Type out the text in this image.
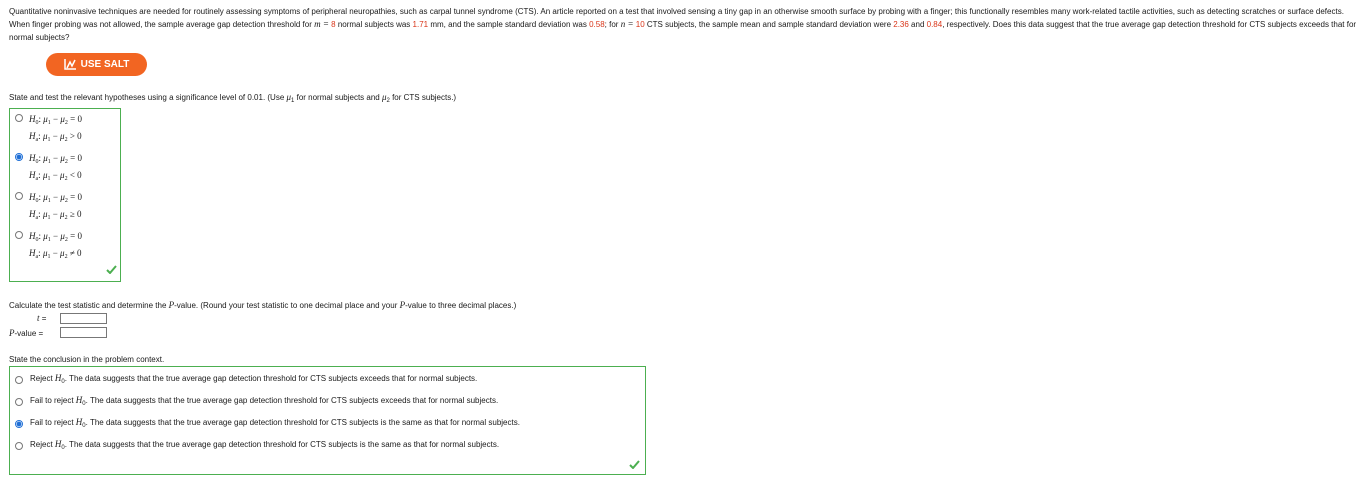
Quantitative noninvasive techniques are needed for routinely assessing symptoms of peripheral neuropathies, such as carpal tunnel syndrome (CTS). An article reported on a test that involved sensing a tiny gap in an otherwise smooth surface by probing with a finger; this functionally resembles many work-related tactile activities, such as detecting scratches or surface defects. When finger probing was not allowed, the sample average gap detection threshold for m = 8 normal subjects was 1.71 mm, and the sample standard deviation was 0.58; for n = 10 CTS subjects, the sample mean and sample standard deviation were 2.36 and 0.84, respectively. Does this data suggest that the true average gap detection threshold for CTS subjects exceeds that for normal subjects?
USE SALT
State and test the relevant hypotheses using a significance level of 0.01. (Use $\mu_1$ for normal subjects and $\mu_2$ for CTS subjects.)
$H_0$: $\mu_1 - \mu_2 = 0$
$H_a$: $\mu_1 - \mu_2 > 0$
$H_0$: $\mu_1 - \mu_2 = 0$
$H_a$: $\mu_1 - \mu_2 < 0$
$H_0$: $\mu_1 - \mu_2 = 0$
$H_a$: $\mu_1 - \mu_2 \ge 0$
$H_0$: $\mu_1 - \mu_2 = 0$
$H_a$: $\mu_1 - \mu_2 \ne 0$
Calculate the test statistic and determine the P-value. (Round your test statistic to one decimal place and your P-value to three decimal places.)
t =
P-value =
State the conclusion in the problem context.
Reject $H_0$. The data suggests that the true average gap detection threshold for CTS subjects exceeds that for normal subjects.
Fail to reject $H_0$. The data suggests that the true average gap detection threshold for CTS subjects exceeds that for normal subjects.
Fail to reject $H_0$. The data suggests that the true average gap detection threshold for CTS subjects is the same as that for normal subjects.
Reject $H_0$. The data suggests that the true average gap detection threshold for CTS subjects is the same as that for normal subjects.
